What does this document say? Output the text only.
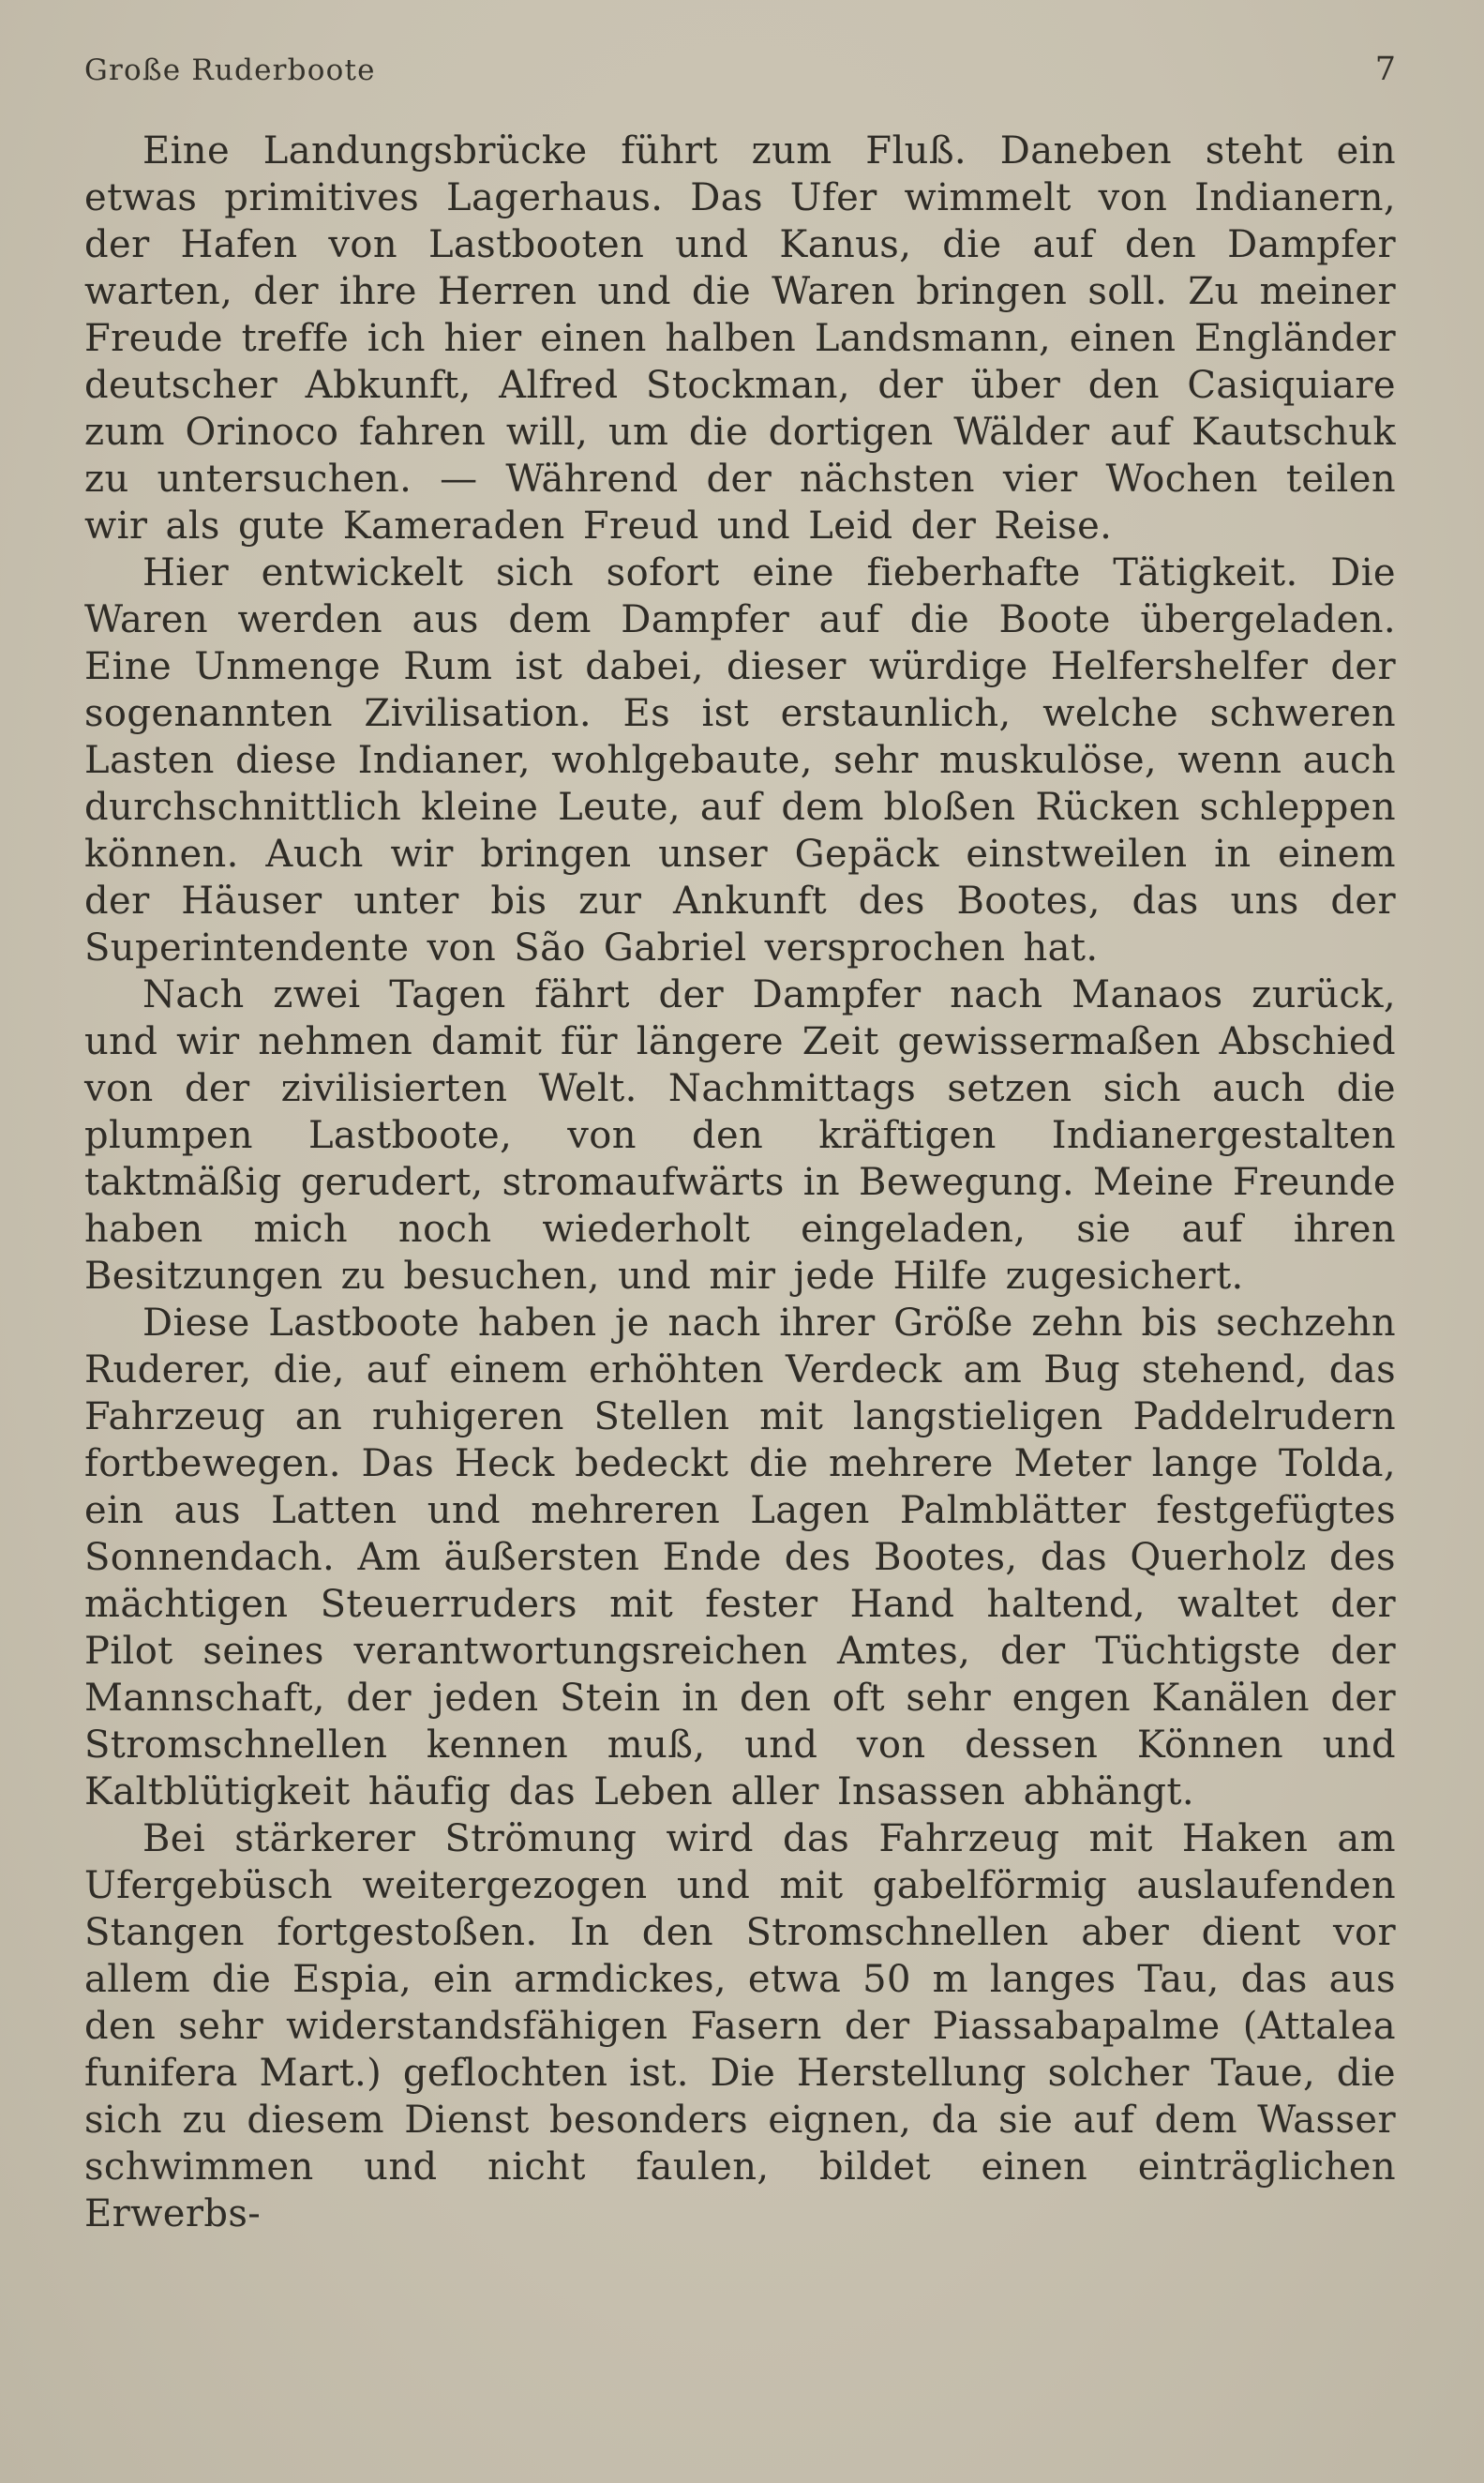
Große Ruderboote	7

Eine Landungsbrücke führt zum Fluß. Daneben steht ein etwas primitives Lagerhaus. Das Ufer wimmelt von Indianern, der Hafen von Lastbooten und Kanus, die auf den Dampfer warten, der ihre Herren und die Waren bringen soll. Zu meiner Freude treffe ich hier einen halben Landsmann, einen Engländer deutscher Abkunft, Alfred Stockman, der über den Casiquiare zum Orinoco fahren will, um die dortigen Wälder auf Kautschuk zu untersuchen. — Während der nächsten vier Wochen teilen wir als gute Kameraden Freud und Leid der Reise.

Hier entwickelt sich sofort eine fieberhafte Tätigkeit. Die Waren werden aus dem Dampfer auf die Boote übergeladen. Eine Unmenge Rum ist dabei, dieser würdige Helfershelfer der sogenannten Zivilisation. Es ist erstaunlich, welche schweren Lasten diese Indianer, wohlgebaute, sehr muskulöse, wenn auch durchschnittlich kleine Leute, auf dem bloßen Rücken schleppen können. Auch wir bringen unser Gepäck einstweilen in einem der Häuser unter bis zur Ankunft des Bootes, das uns der Superintendente von São Gabriel versprochen hat.

Nach zwei Tagen fährt der Dampfer nach Manaos zurück, und wir nehmen damit für längere Zeit gewissermaßen Abschied von der zivilisierten Welt. Nachmittags setzen sich auch die plumpen Lastboote, von den kräftigen Indianergestalten taktmäßig gerudert, stromaufwärts in Bewegung. Meine Freunde haben mich noch wiederholt eingeladen, sie auf ihren Besitzungen zu besuchen, und mir jede Hilfe zugesichert.

Diese Lastboote haben je nach ihrer Größe zehn bis sechzehn Ruderer, die, auf einem erhöhten Verdeck am Bug stehend, das Fahrzeug an ruhigeren Stellen mit langstieligen Paddelrudern fortbewegen. Das Heck bedeckt die mehrere Meter lange Tolda, ein aus Latten und mehreren Lagen Palmblätter festgefügtes Sonnendach. Am äußersten Ende des Bootes, das Querholz des mächtigen Steuerruders mit fester Hand haltend, waltet der Pilot seines verantwortungsreichen Amtes, der Tüchtigste der Mannschaft, der jeden Stein in den oft sehr engen Kanälen der Stromschnellen kennen muß, und von dessen Können und Kaltblütigkeit häufig das Leben aller Insassen abhängt.

Bei stärkerer Strömung wird das Fahrzeug mit Haken am Ufergebüsch weitergezogen und mit gabelförmig auslaufenden Stangen fortgestoßen. In den Stromschnellen aber dient vor allem die Espia, ein armdickes, etwa 50 m langes Tau, das aus den sehr widerstandsfähigen Fasern der Piassabapalme (Attalea funifera Mart.) geflochten ist. Die Herstellung solcher Taue, die sich zu diesem Dienst besonders eignen, da sie auf dem Wasser schwimmen und nicht faulen, bildet einen einträglichen Erwerbs-
